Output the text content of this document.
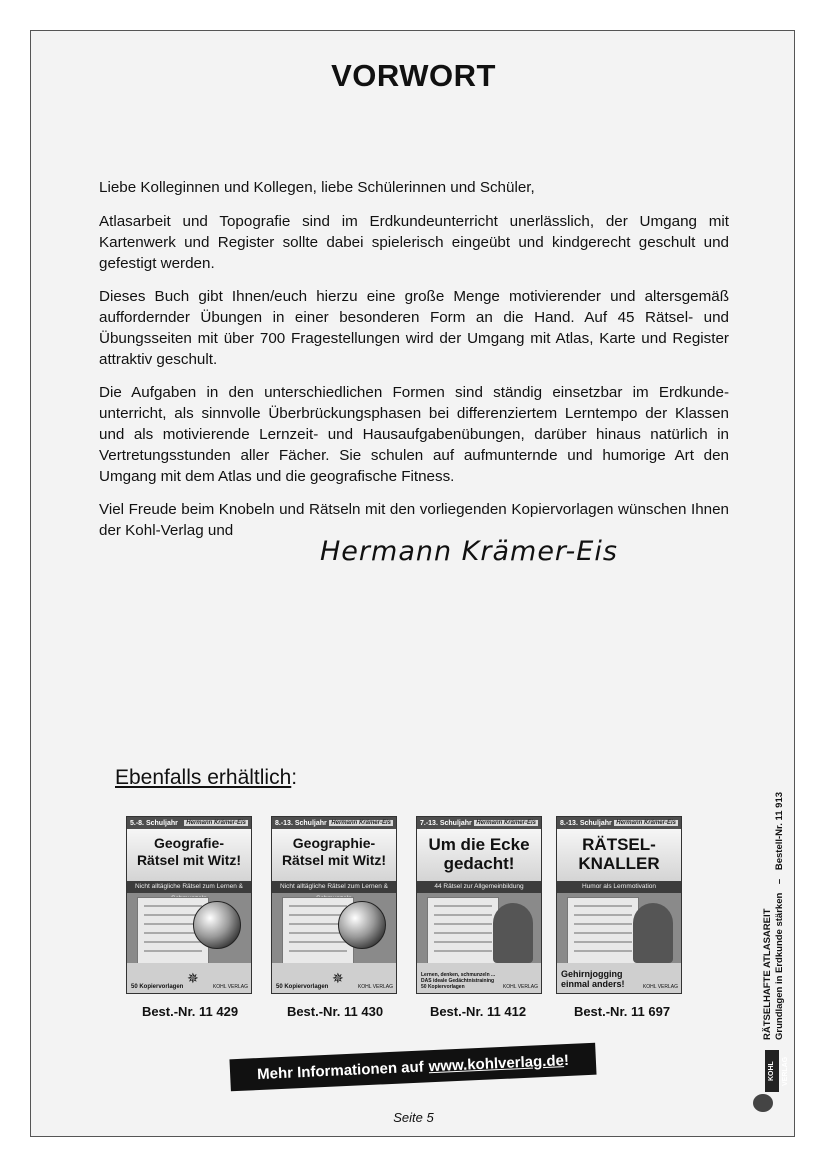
VORWORT

Liebe Kolleginnen und Kollegen, liebe Schülerinnen und Schüler,

Atlasarbeit und Topografie sind im Erdkundeunterricht unerlässlich, der Umgang mit Kartenwerk und Register sollte dabei spielerisch eingeübt und kindgerecht geschult und gefestigt werden.

Dieses Buch gibt Ihnen/euch hierzu eine große Menge motivierender und altersgemäß auffordernder Übungen in einer besonderen Form an die Hand. Auf 45 Rätsel- und Übungsseiten mit über 700 Fragestellungen wird der Umgang mit Atlas, Karte und Register attraktiv geschult.

Die Aufgaben in den unterschiedlichen Formen sind ständig einsetzbar im Erdkundeunterricht, als sinnvolle Überbrückungsphasen bei differenziertem Lerntempo der Klassen und als motivierende Lernzeit- und Hausaufgabenübungen, darüber hinaus natürlich in Vertretungsstunden aller Fächer. Sie schulen auf aufmunternde und humorige Art den Umgang mit dem Atlas und die geografische Fitness.

Viel Freude beim Knobeln und Rätseln mit den vorliegenden Kopiervorlagen wünschen Ihnen der Kohl-Verlag und

Hermann Krämer-Eis
Ebenfalls erhältlich:
5.-8. Schuljahr	Hermann Krämer-Eis
Geografie-
Rätsel mit Witz!
Nicht alltägliche Rätsel zum Lernen &
✵
50 Kopiervorlagen	KOHL VERLAG
8.-13. Schuljahr Hermann Krämer-Eis
Geographie-
Rätsel mit Witz!
Nicht alltägliche Rätsel zum Lernen &
✵
50 Kopiervorlagen	KOHL VERLAG
7.-13. Schuljahr Hermann Krämer-Eis
Um die Ecke
gedacht!
44 Rätsel zur Allgemeinbildung
Lernen, denken, schmunzeln ... DAS ideale Gedächtnistraining 50 Kopiervorlagen	KOHL VERLAG
8.-13. Schuljahr Hermann Krämer-Eis
RÄTSEL-
KNALLER
Humor als Lernmotivation
Gehirnjogging einmal anders!	KOHL VERLAG
Best.-Nr. 11 429	Best.-Nr. 11 430	Best.-Nr. 11 412	Best.-Nr. 11 697
Mehr Informationen auf www.kohlverlag.de !
Seite 5
RÄTSELHAFTE ATLASAREIT Grundlagen in Erdkunde stärken – Bestell-Nr. 11 913
KOHL VERLAG
